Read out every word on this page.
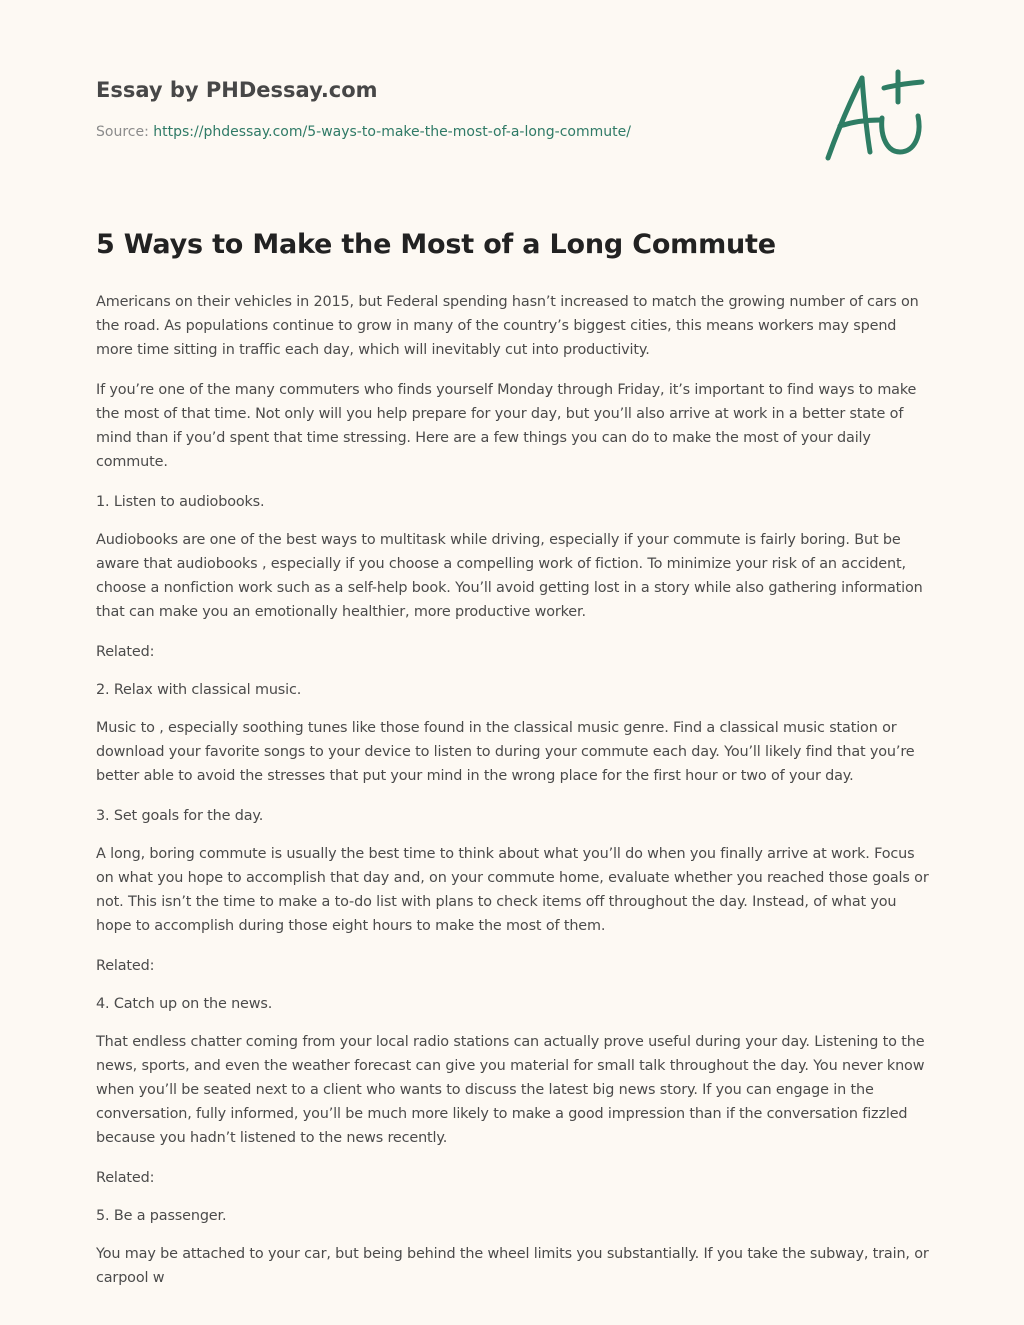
Essay by PHDessay.com
Source: https://phdessay.com/5-ways-to-make-the-most-of-a-long-commute/
5 Ways to Make the Most of a Long Commute

Americans on their vehicles in 2015, but Federal spending hasn’t increased to match the growing number of cars on the road. As populations continue to grow in many of the country’s biggest cities, this means workers may spend more time sitting in traffic each day, which will inevitably cut into productivity.

If you’re one of the many commuters who finds yourself Monday through Friday, it’s important to find ways to make the most of that time. Not only will you help prepare for your day, but you’ll also arrive at work in a better state of mind than if you’d spent that time stressing. Here are a few things you can do to make the most of your daily commute.

1. Listen to audiobooks.

Audiobooks are one of the best ways to multitask while driving, especially if your commute is fairly boring. But be aware that audiobooks , especially if you choose a compelling work of fiction. To minimize your risk of an accident, choose a nonfiction work such as a self-help book. You’ll avoid getting lost in a story while also gathering information that can make you an emotionally healthier, more productive worker.

Related:

2. Relax with classical music.

Music to , especially soothing tunes like those found in the classical music genre. Find a classical music station or download your favorite songs to your device to listen to during your commute each day. You’ll likely find that you’re better able to avoid the stresses that put your mind in the wrong place for the first hour or two of your day.

3. Set goals for the day.

A long, boring commute is usually the best time to think about what you’ll do when you finally arrive at work. Focus on what you hope to accomplish that day and, on your commute home, evaluate whether you reached those goals or not. This isn’t the time to make a to-do list with plans to check items off throughout the day. Instead, of what you hope to accomplish during those eight hours to make the most of them.

Related:

4. Catch up on the news.

That endless chatter coming from your local radio stations can actually prove useful during your day. Listening to the news, sports, and even the weather forecast can give you material for small talk throughout the day. You never know when you’ll be seated next to a client who wants to discuss the latest big news story. If you can engage in the conversation, fully informed, you’ll be much more likely to make a good impression than if the conversation fizzled because you hadn’t listened to the news recently.

Related:

5. Be a passenger.

You may be attached to your car, but being behind the wheel limits you substantially. If you take the subway, train, or carpool w
